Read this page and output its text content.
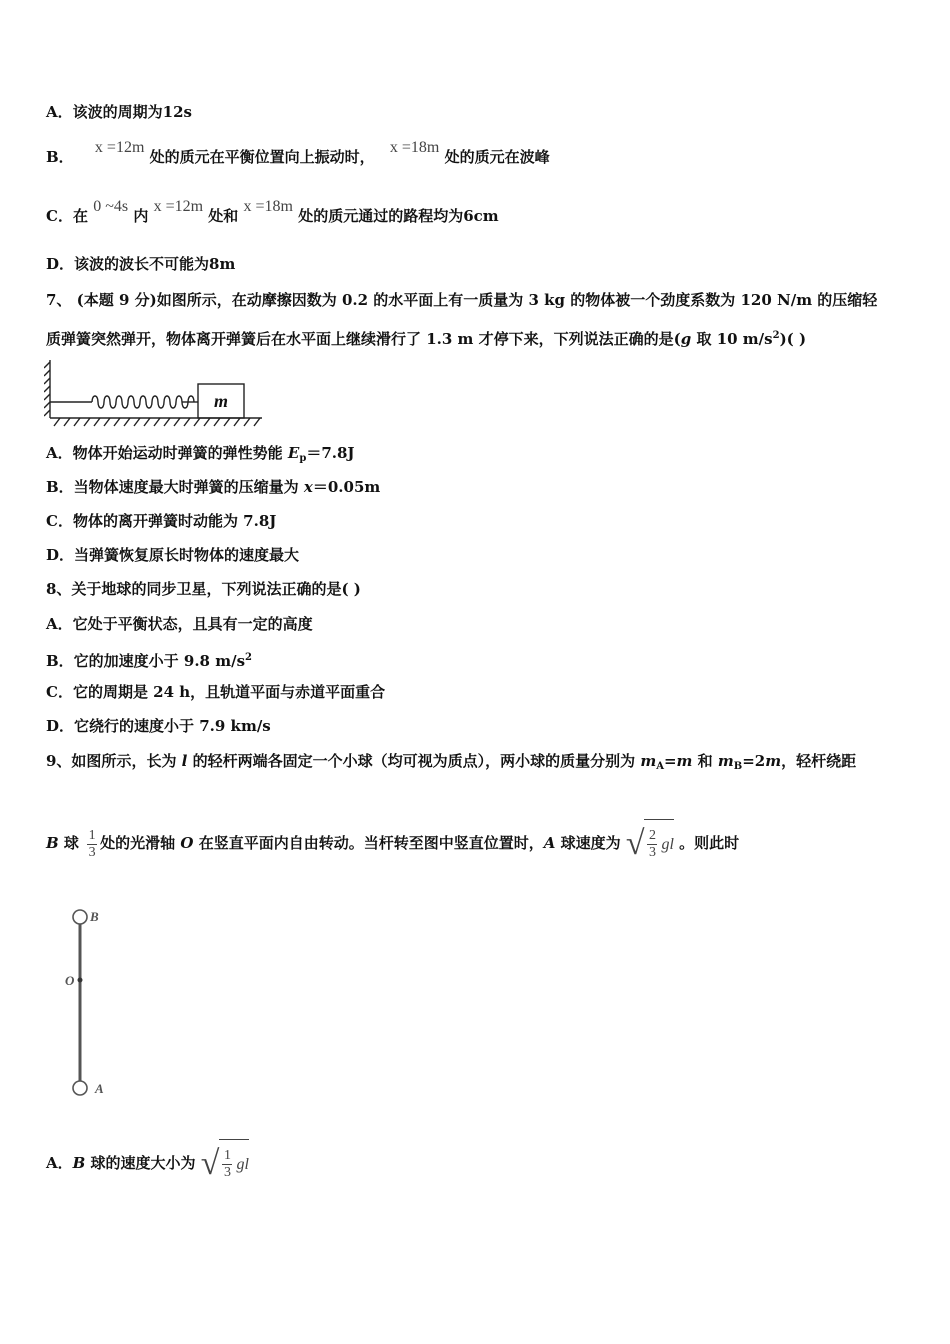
A．该波的周期为12s
B． x =12m 处的质元在平衡位置向上振动时， x =18m 处的质元在波峰
C．在 0 ~4s 内 x =12m 处和 x =18m 处的质元通过的路程均为6cm
D．该波的波长不可能为8m
7、 (本题 9 分)如图所示，在动摩擦因数为 0.2 的水平面上有一质量为 3 kg 的物体被一个劲度系数为 120 N/m 的压缩轻
质弹簧突然弹开，物体离开弹簧后在水平面上继续滑行了 1.3 m 才停下来，下列说法正确的是(g 取 10 $m/s^2$)( )
m
A．物体开始运动时弹簧的弹性势能 $E_p=7.8J$
B．当物体速度最大时弹簧的压缩量为 x＝0.05m
C．物体的离开弹簧时动能为 7.8J
D．当弹簧恢复原长时物体的速度最大
8、关于地球的同步卫星，下列说法正确的是( )
A．它处于平衡状态，且具有一定的高度
B．它的加速度小于 9.8 $m/s^2$
C．它的周期是 24 h，且轨道平面与赤道平面重合
D．它绕行的速度小于 7.9 km/s
9、如图所示，长为 l 的轻杆两端各固定一个小球（均可视为质点），两小球的质量分别为 $m_A=m$ 和 $m_B=2m$，轻杆绕距
B 球 $\frac{1}{3}$ 处的光滑轴 O 在竖直平面内自由转动。当杆转至图中竖直位置时，A 球速度为 √ $\frac{2}{3}$ gl 。则此时
B
O
A
A．B 球的速度大小为 √ $\frac{1}{3}$ gl
